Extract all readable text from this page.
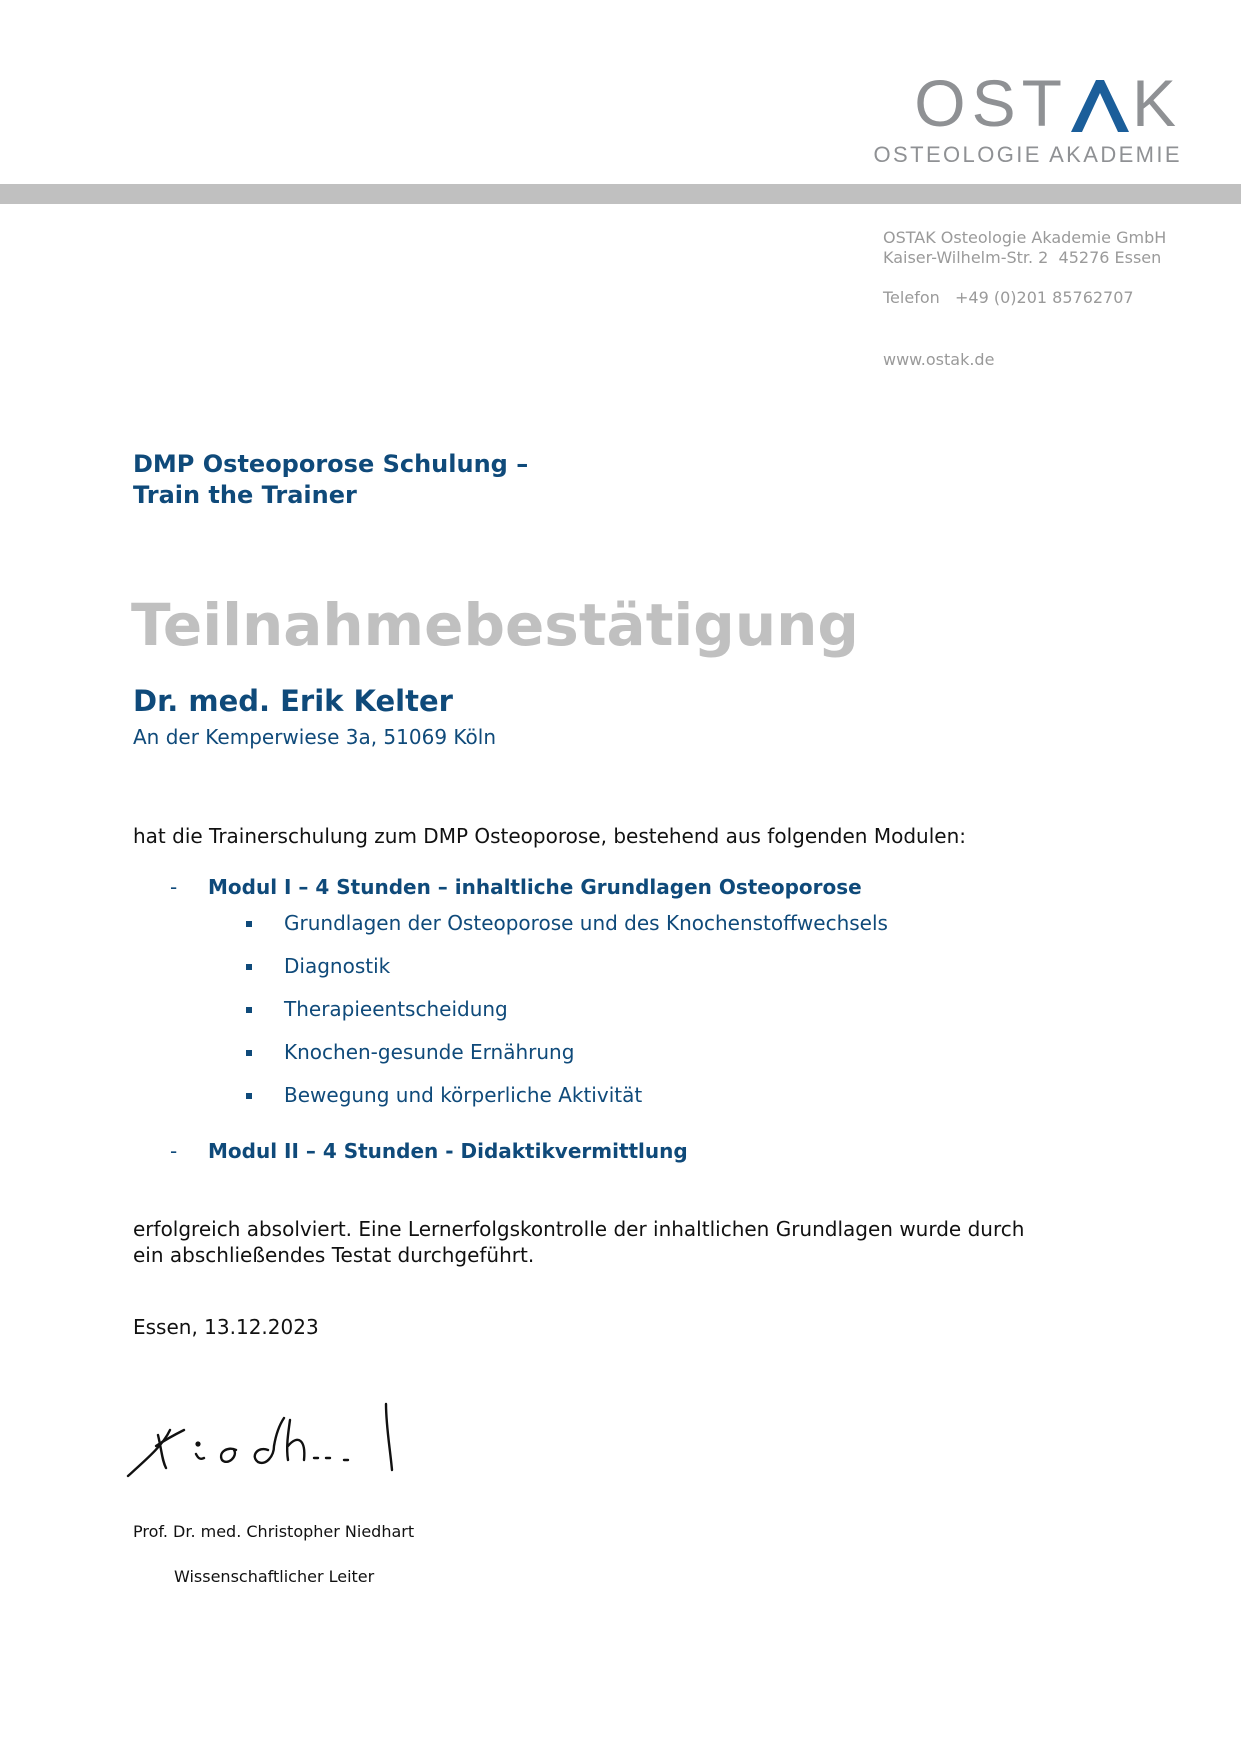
OST K
OSTEOLOGIE AKADEMIE
OSTAK Osteologie Akademie GmbH
Kaiser-Wilhelm-Str. 2  45276 Essen
Telefon   +49 (0)201 85762707
www.ostak.de
DMP Osteoporose Schulung –
Train the Trainer
Teilnahmebestätigung
Dr. med. Erik Kelter
An der Kemperwiese 3a, 51069 Köln
hat die Trainerschulung zum DMP Osteoporose, bestehend aus folgenden Modulen:
- Modul I – 4 Stunden – inhaltliche Grundlagen Osteoporose
Grundlagen der Osteoporose und des Knochenstoffwechsels
Diagnostik
Therapieentscheidung
Knochen-gesunde Ernährung
Bewegung und körperliche Aktivität
- Modul II – 4 Stunden - Didaktikvermittlung
erfolgreich absolviert. Eine Lernerfolgskontrolle der inhaltlichen Grundlagen wurde durch
ein abschließendes Testat durchgeführt.
Essen, 13.12.2023
Prof. Dr. med. Christopher Niedhart
Wissenschaftlicher Leiter
